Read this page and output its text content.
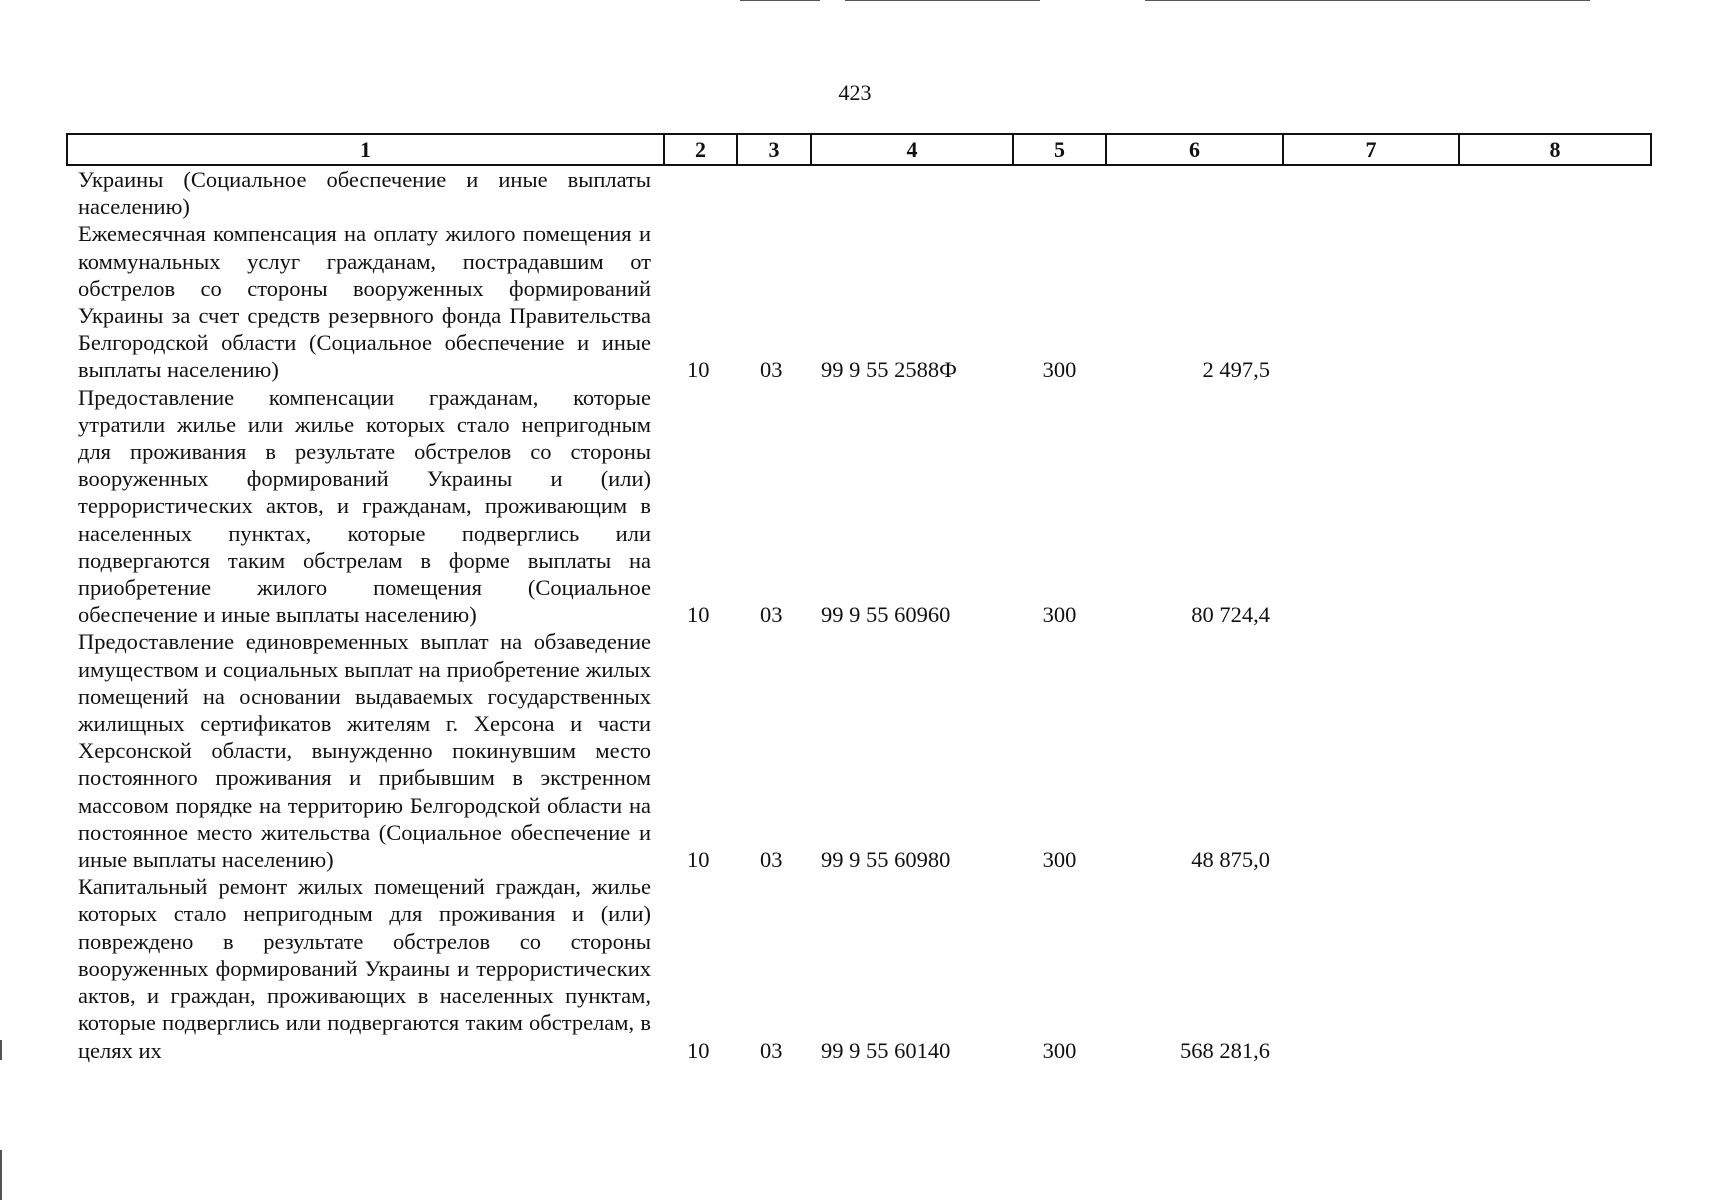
423
1	2	3	4	5	6	7	8
Украины (Социальное обеспечение и иные выплаты населению)							
Ежемесячная компенсация на оплату жилого помещения и коммунальных услуг гражданам, пострадавшим от обстрелов со стороны вооруженных формирований Украины за счет средств резервного фонда Правительства Белгородской области (Социальное обеспечение и иные выплаты населению)	10	03	99 9 55 2588Ф	300	2 497,5		
Предоставление компенсации гражданам, которые утратили жилье или жилье которых стало непригодным для проживания в результате обстрелов со стороны вооруженных формирований Украины и (или) террористических актов, и гражданам, проживающим в населенных пунктах, которые подверглись или подвергаются таким обстрелам в форме выплаты на приобретение жилого помещения (Социальное обеспечение и иные выплаты населению)	10	03	99 9 55 60960	300	80 724,4		
Предоставление единовременных выплат на обзаведение имуществом и социальных выплат на приобретение жилых помещений на основании выдаваемых государственных жилищных сертификатов жителям г. Херсона и части Херсонской области, вынужденно покинувшим место постоянного проживания и прибывшим в экстренном массовом порядке на территорию Белгородской области на постоянное место жительства (Социальное обеспечение и иные выплаты населению)	10	03	99 9 55 60980	300	48 875,0		
Капитальный ремонт жилых помещений граждан, жилье которых стало непригодным для проживания и (или) повреждено в результате обстрелов со стороны вооруженных формирований Украины и террористических актов, и граждан, проживающих в населенных пунктам, которые подверглись или подвергаются таким обстрелам, в целях их	10	03	99 9 55 60140	300	568 281,6		
